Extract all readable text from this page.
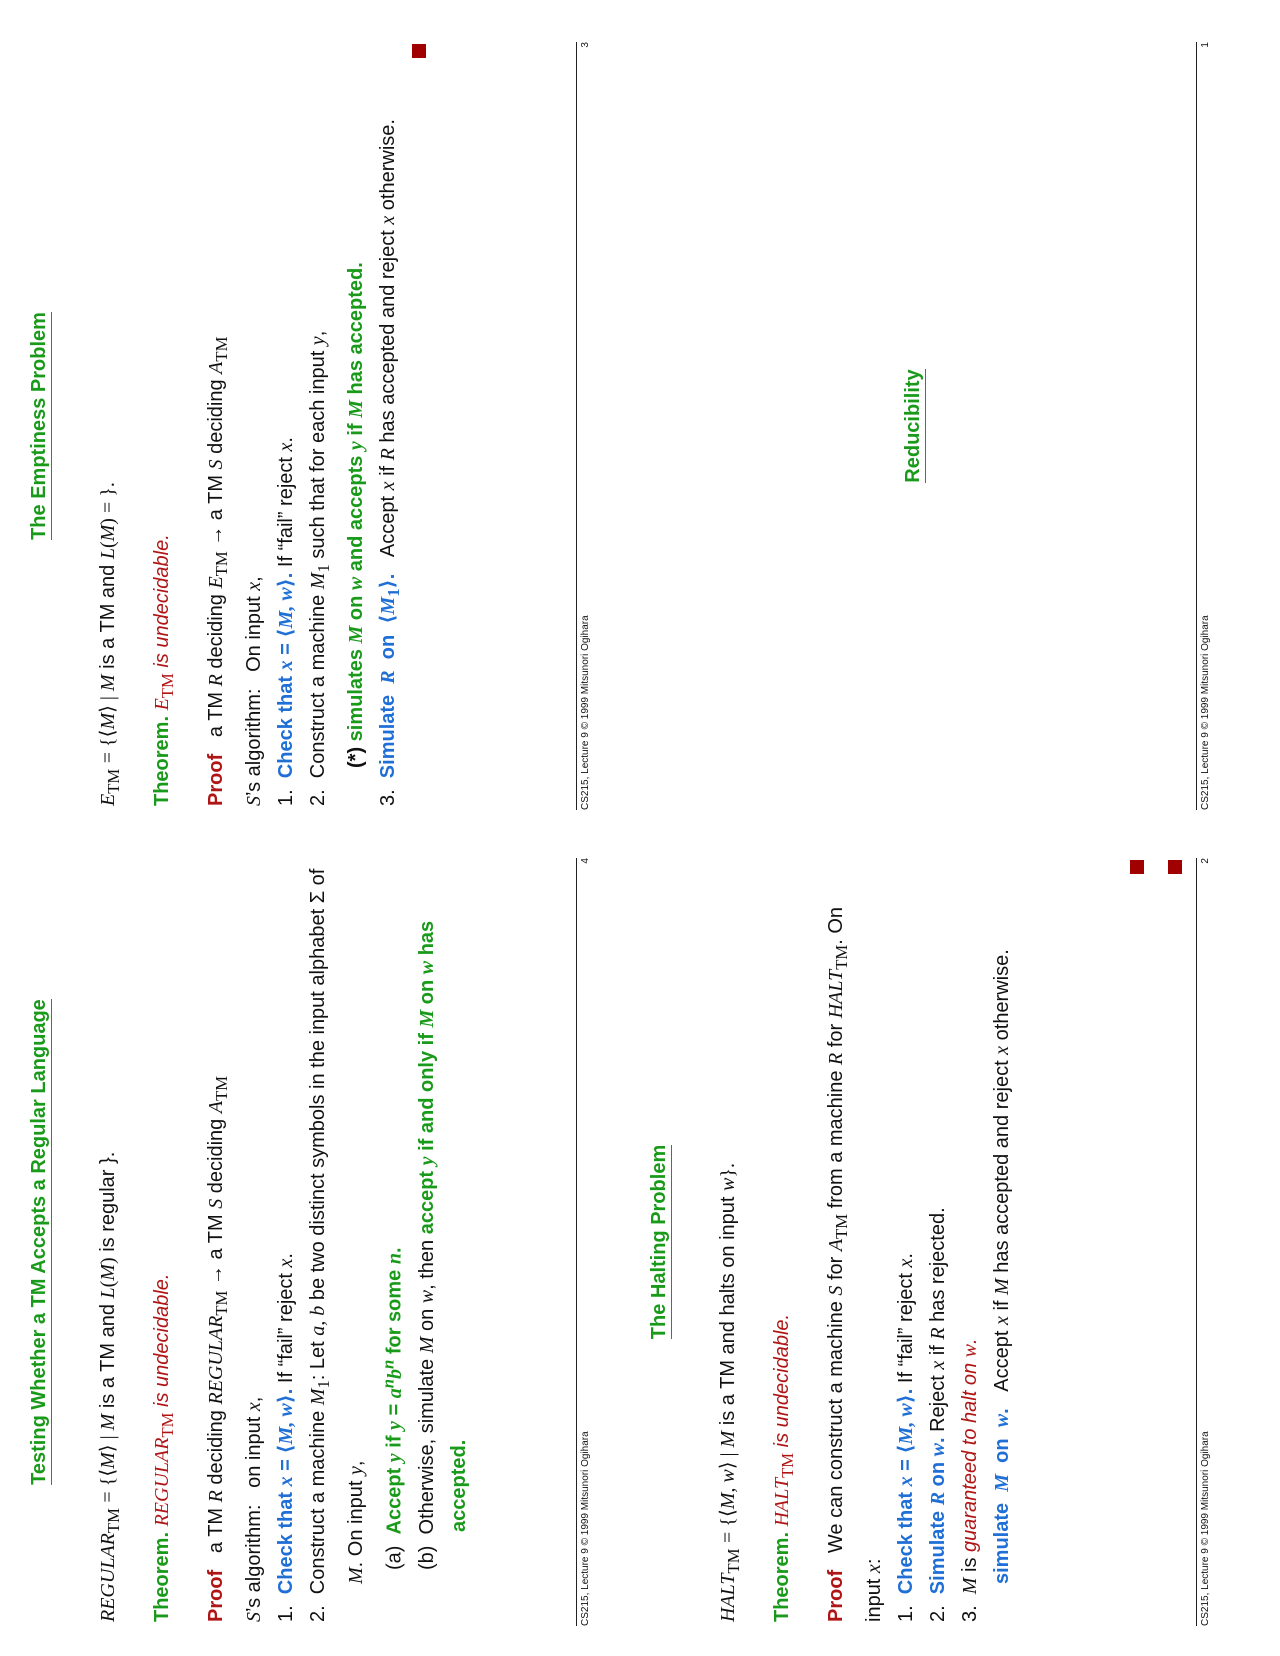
Reducibility
CS215, Lecture 9 © 1999 Mitsunori Ogihara
1
The Halting Problem

$HALT_{TM}$ = {⟨M, w⟩ | M is a TM and halts on input w}.

Theorem. $HALT_{TM}$ is undecidable.

Proof   We can construct a machine S for $A_{TM}$ from a machine R for $HALT_{TM}$. On input x:

1.  Check that x = ⟨M, w⟩. If “fail” reject x.

2.  Simulate R on w. Reject x if R has rejected.

3.  M is guaranteed to halt on w.

simulate  M  on  w.   Accept x if M has accepted and reject x otherwise.

CS215, Lecture 9 © 1999 Mitsunori Ogihara
2
The Emptiness Problem

$E_{TM}$ = {⟨M⟩ | M is a TM and L(M) = }.

Theorem. $E_{TM}$ is undecidable.

Proof   a TM R deciding $E_{TM} \to a$ TM S deciding $A_{TM}$

S’s algorithm:   On input x,

1.  Check that x = ⟨M, w⟩. If “fail” reject x.

2.  Construct a machine $M_1$ such that for each input y,

(*) simulates M on w and accepts y if M has accepted.

3.  Simulate  R  on  $⟨M_1⟩$.   Accept x if R has accepted and reject x otherwise.

CS215, Lecture 9 © 1999 Mitsunori Ogihara
3
Testing Whether a TM Accepts a Regular Language

$REGULAR_{TM}$ = {⟨M⟩ | M is a TM and L(M) is regular }.

Theorem. $REGULAR_{TM}$ is undecidable.

Proof   a TM R deciding $REGULAR_{TM} \to a$ TM S deciding $A_{TM}$

S’s algorithm:   on input x,

1.  Check that x = ⟨M, w⟩. If “fail” reject x.

2.  Construct a machine $M_1$: Let a, b be two distinct symbols in the input alphabet Σ of M. On input y,

(a)  Accept y if $y = a^nb^n$ for some n.

(b)  Otherwise, simulate M on w, then accept y if and only if M on w has accepted.	CS215, Lecture 9 © 1999 Mitsunori Ogihara
4
